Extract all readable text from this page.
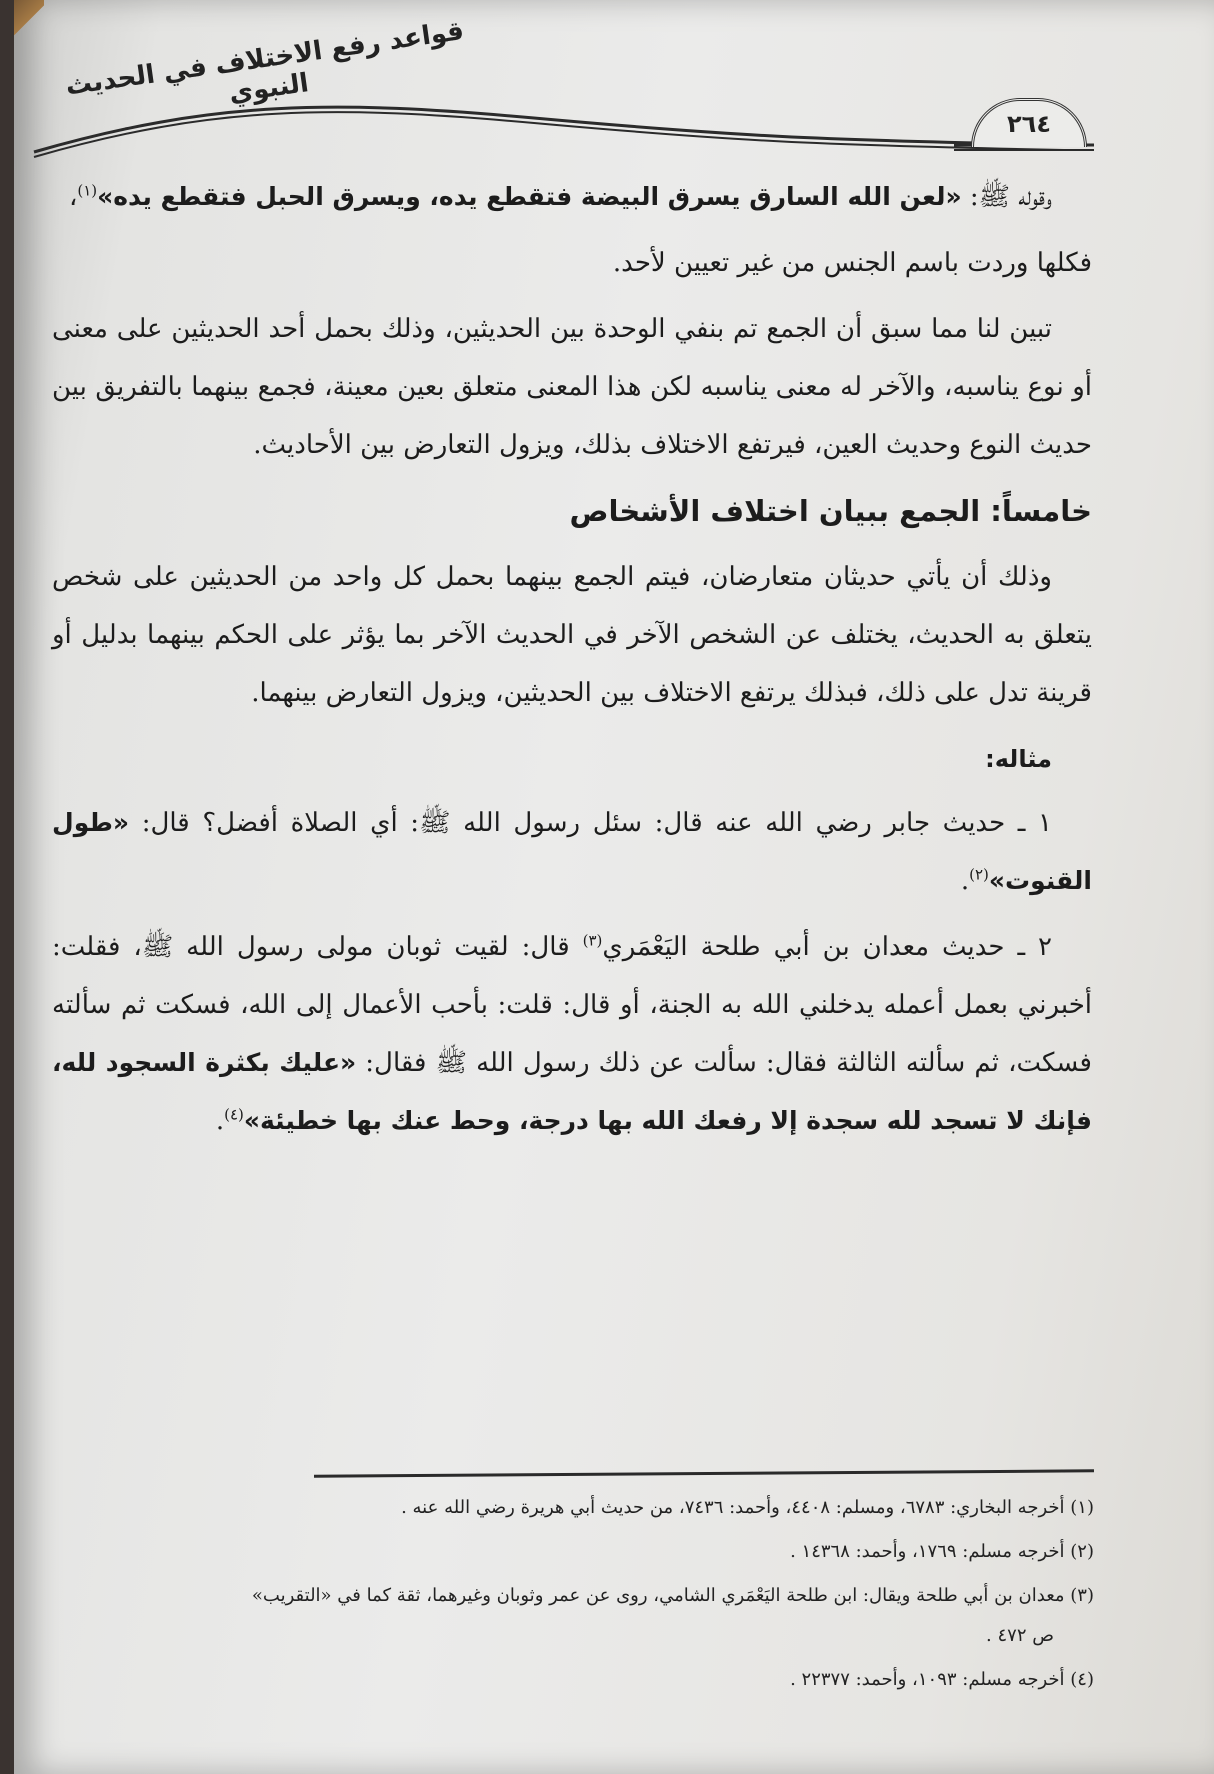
قواعد رفع الاختلاف في الحديث النبوي
٢٦٤

وقوله ﷺ: «لعن الله السارق يسرق البيضة فتقطع يده، ويسرق الحبل فتقطع يده»$^{(١)}$،

فكلها وردت باسم الجنس من غير تعيين لأحد.

تبين لنا مما سبق أن الجمع تم بنفي الوحدة بين الحديثين، وذلك بحمل أحد الحديثين على معنى أو نوع يناسبه، والآخر له معنى يناسبه لكن هذا المعنى متعلق بعين معينة، فجمع بينهما بالتفريق بين حديث النوع وحديث العين، فيرتفع الاختلاف بذلك، ويزول التعارض بين الأحاديث.

خامساً: الجمع ببيان اختلاف الأشخاص

وذلك أن يأتي حديثان متعارضان، فيتم الجمع بينهما بحمل كل واحد من الحديثين على شخص يتعلق به الحديث، يختلف عن الشخص الآخر في الحديث الآخر بما يؤثر على الحكم بينهما بدليل أو قرينة تدل على ذلك، فبذلك يرتفع الاختلاف بين الحديثين، ويزول التعارض بينهما.

مثاله:

١ ـ حديث جابر رضي الله عنه قال: سئل رسول الله ﷺ: أي الصلاة أفضل؟ قال: «طول القنوت»$^{(٢)}$.

٢ ـ حديث معدان بن أبي طلحة اليَعْمَري$^{(٣)}$ قال: لقيت ثوبان مولى رسول الله ﷺ، فقلت: أخبرني بعمل أعمله يدخلني الله به الجنة، أو قال: قلت: بأحب الأعمال إلى الله، فسكت ثم سألته فسكت، ثم سألته الثالثة فقال: سألت عن ذلك رسول الله ﷺ فقال: «عليك بكثرة السجود لله، فإنك لا تسجد لله سجدة إلا رفعك الله بها درجة، وحط عنك بها خطيئة»$^{(٤)}$.

(١) أخرجه البخاري: ٦٧٨٣، ومسلم: ٤٤٠٨، وأحمد: ٧٤٣٦، من حديث أبي هريرة رضي الله عنه .

(٢) أخرجه مسلم: ١٧٦٩، وأحمد: ١٤٣٦٨ .

(٣) معدان بن أبي طلحة ويقال: ابن طلحة اليَعْمَري الشامي، روى عن عمر وثوبان وغيرهما، ثقة كما في «التقريب»
ص ٤٧٢ .

(٤) أخرجه مسلم: ١٠٩٣، وأحمد: ٢٢٣٧٧ .
